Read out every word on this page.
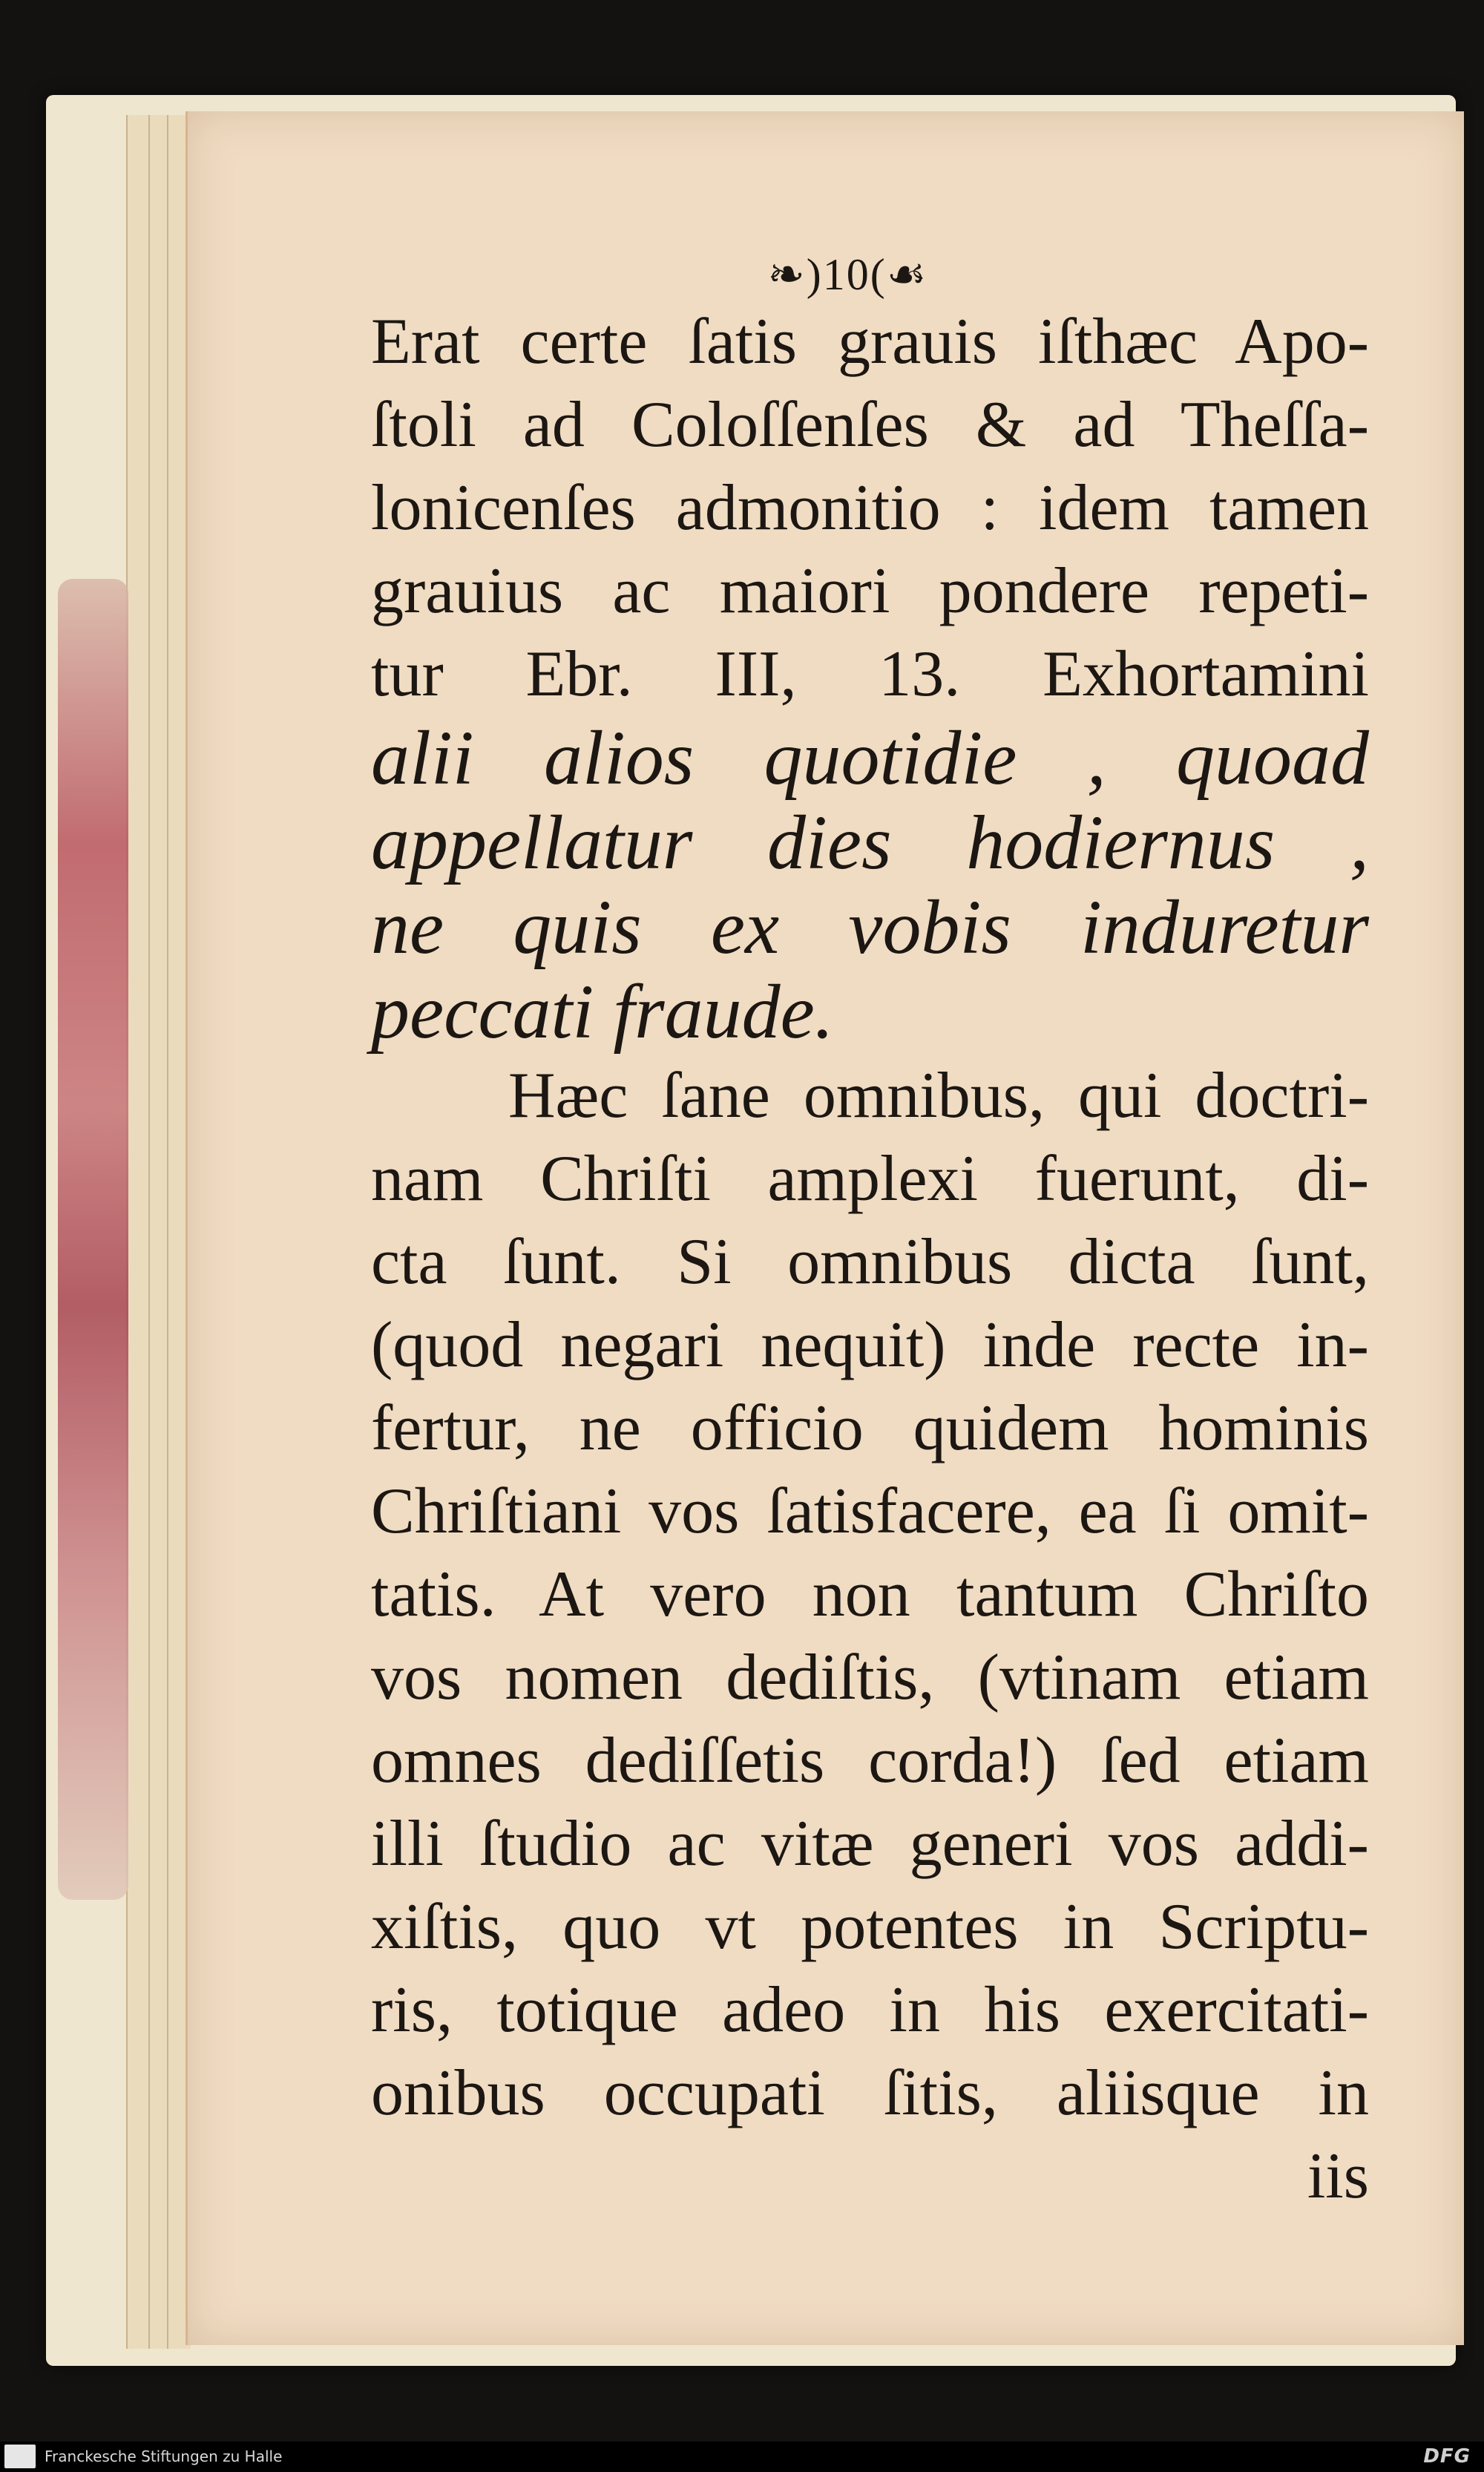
❧)10(☙
Erat certe ſatis grauis iſthæc Apo-
ſtoli ad Coloſſenſes & ad Theſſa-
lonicenſes admonitio : idem tamen
grauius ac maiori pondere repeti-
tur Ebr. III, 13. Exhortamini
alii alios quotidie , quoad
appellatur dies hodiernus ,
ne quis ex vobis induretur
peccati fraude.
Hæc ſane omnibus, qui doctri-
nam Chriſti amplexi fuerunt, di-
cta ſunt. Si omnibus dicta ſunt,
(quod negari nequit) inde recte in-
fertur, ne officio quidem hominis
Chriſtiani vos ſatisfacere, ea ſi omit-
tatis. At vero non tantum Chriſto
vos nomen dediſtis, (vtinam etiam
omnes dediſſetis corda!) ſed etiam
illi ſtudio ac vitæ generi vos addi-
xiſtis, quo vt potentes in Scriptu-
ris, totique adeo in his exercitati-
onibus occupati ſitis, aliisque in
iis
Franckesche Stiftungen zu Halle	DFG
